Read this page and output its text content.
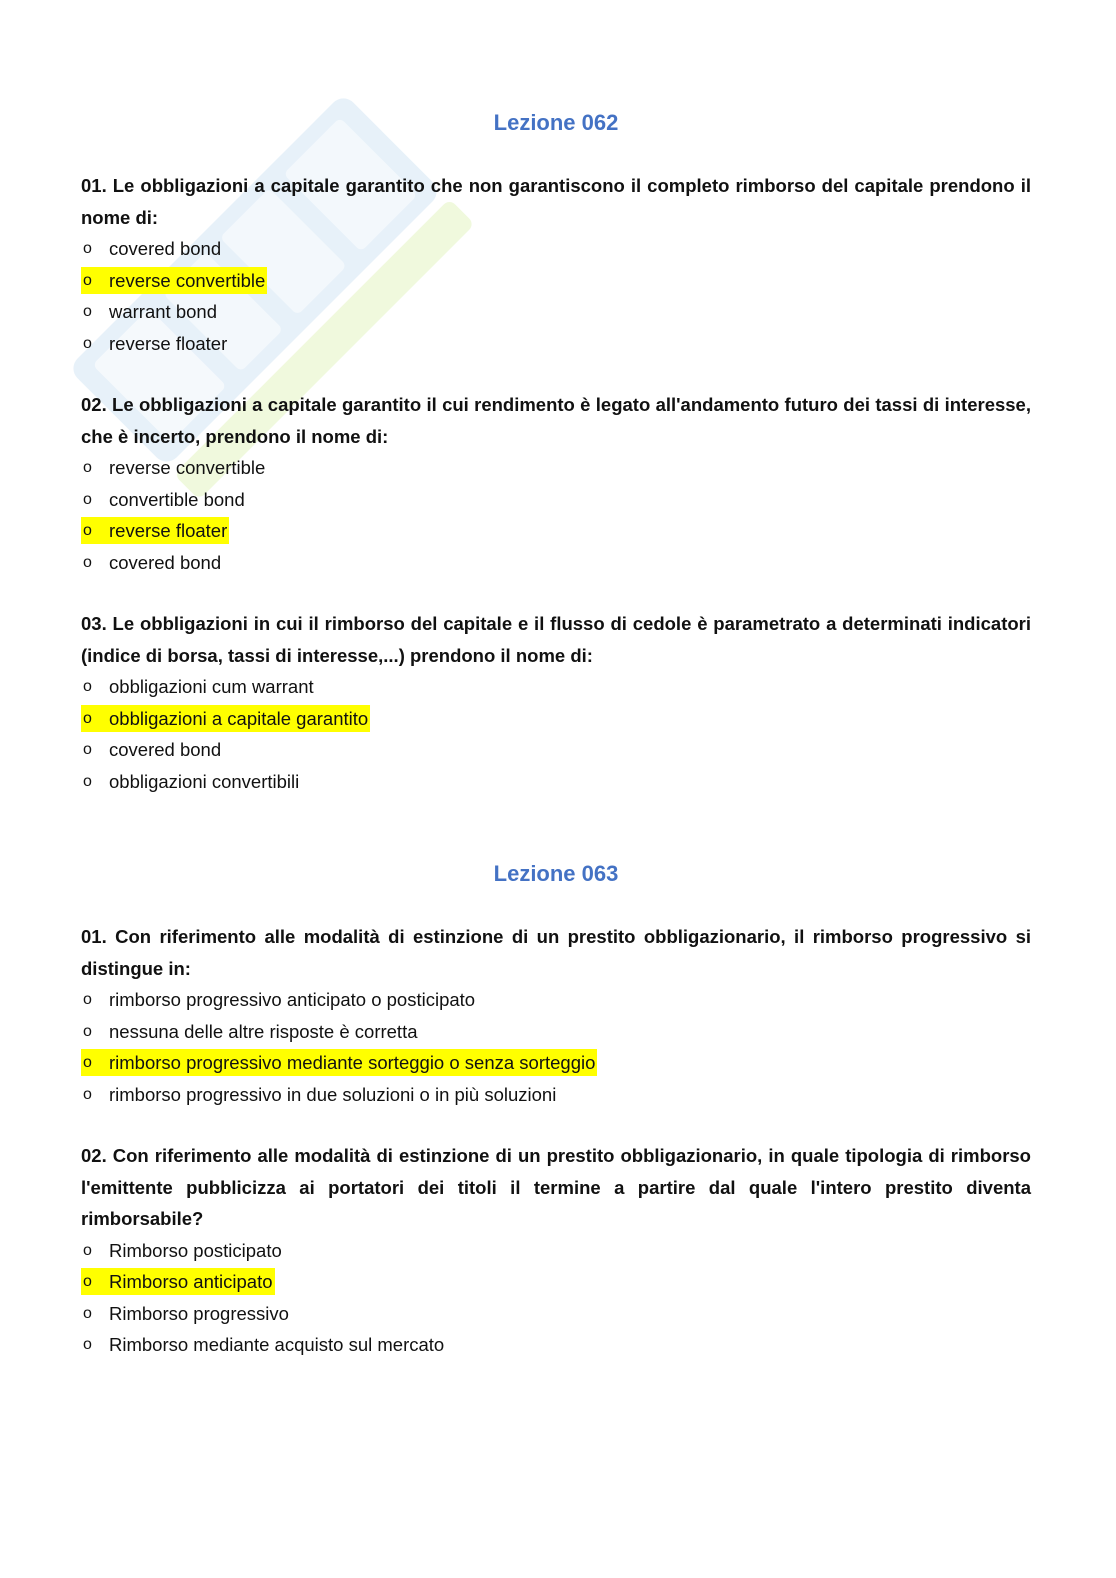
Lezione 062

01. Le obbligazioni a capitale garantito che non garantiscono il completo rimborso del capitale prendono il nome di:

o covered bond
o reverse convertible
o warrant bond
o reverse floater

02. Le obbligazioni a capitale garantito il cui rendimento è legato all'andamento futuro dei tassi di interesse, che è incerto, prendono il nome di:

o reverse convertible
o convertible bond
o reverse floater
o covered bond

03. Le obbligazioni in cui il rimborso del capitale e il flusso di cedole è parametrato a determinati indicatori (indice di borsa, tassi di interesse,...) prendono il nome di:

o obbligazioni cum warrant
o obbligazioni a capitale garantito
o covered bond
o obbligazioni convertibili
Lezione 063

01. Con riferimento alle modalità di estinzione di un prestito obbligazionario, il rimborso progressivo si distingue in:

o rimborso progressivo anticipato o posticipato
o nessuna delle altre risposte è corretta
o rimborso progressivo mediante sorteggio o senza sorteggio
o rimborso progressivo in due soluzioni o in più soluzioni

02. Con riferimento alle modalità di estinzione di un prestito obbligazionario, in quale tipologia di rimborso l'emittente pubblicizza ai portatori dei titoli il termine a partire dal quale l'intero prestito diventa rimborsabile?

o Rimborso posticipato
o Rimborso anticipato
o Rimborso progressivo
o Rimborso mediante acquisto sul mercato
